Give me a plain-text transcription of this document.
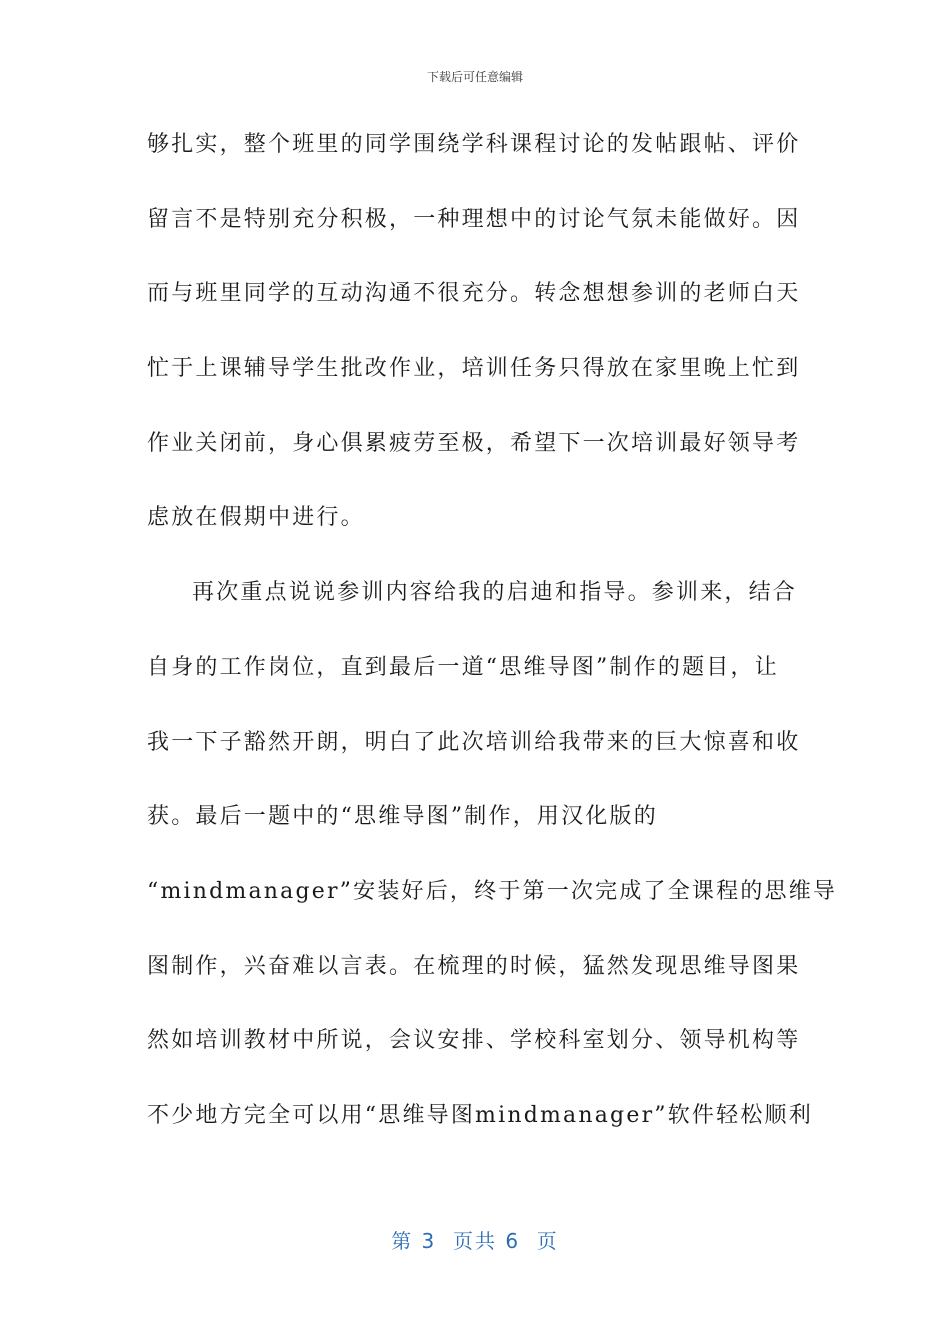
下载后可任意编辑
够扎实，整个班里的同学围绕学科课程讨论的发帖跟帖、评价
留言不是特别充分积极，一种理想中的讨论气氛未能做好。因
而与班里同学的互动沟通不很充分。转念想想参训的老师白天
忙于上课辅导学生批改作业，培训任务只得放在家里晚上忙到
作业关闭前，身心俱累疲劳至极，希望下一次培训最好领导考
虑放在假期中进行。
再次重点说说参训内容给我的启迪和指导。参训来，结合
自身的工作岗位，直到最后一道“思维导图”制作的题目，让
我一下子豁然开朗，明白了此次培训给我带来的巨大惊喜和收
获。最后一题中的“思维导图”制作，用汉化版的
“mindmanager”安装好后，终于第一次完成了全课程的思维导
图制作，兴奋难以言表。在梳理的时候，猛然发现思维导图果
然如培训教材中所说，会议安排、学校科室划分、领导机构等
不少地方完全可以用“思维导图mindmanager”软件轻松顺利
第 3  页共 6  页
